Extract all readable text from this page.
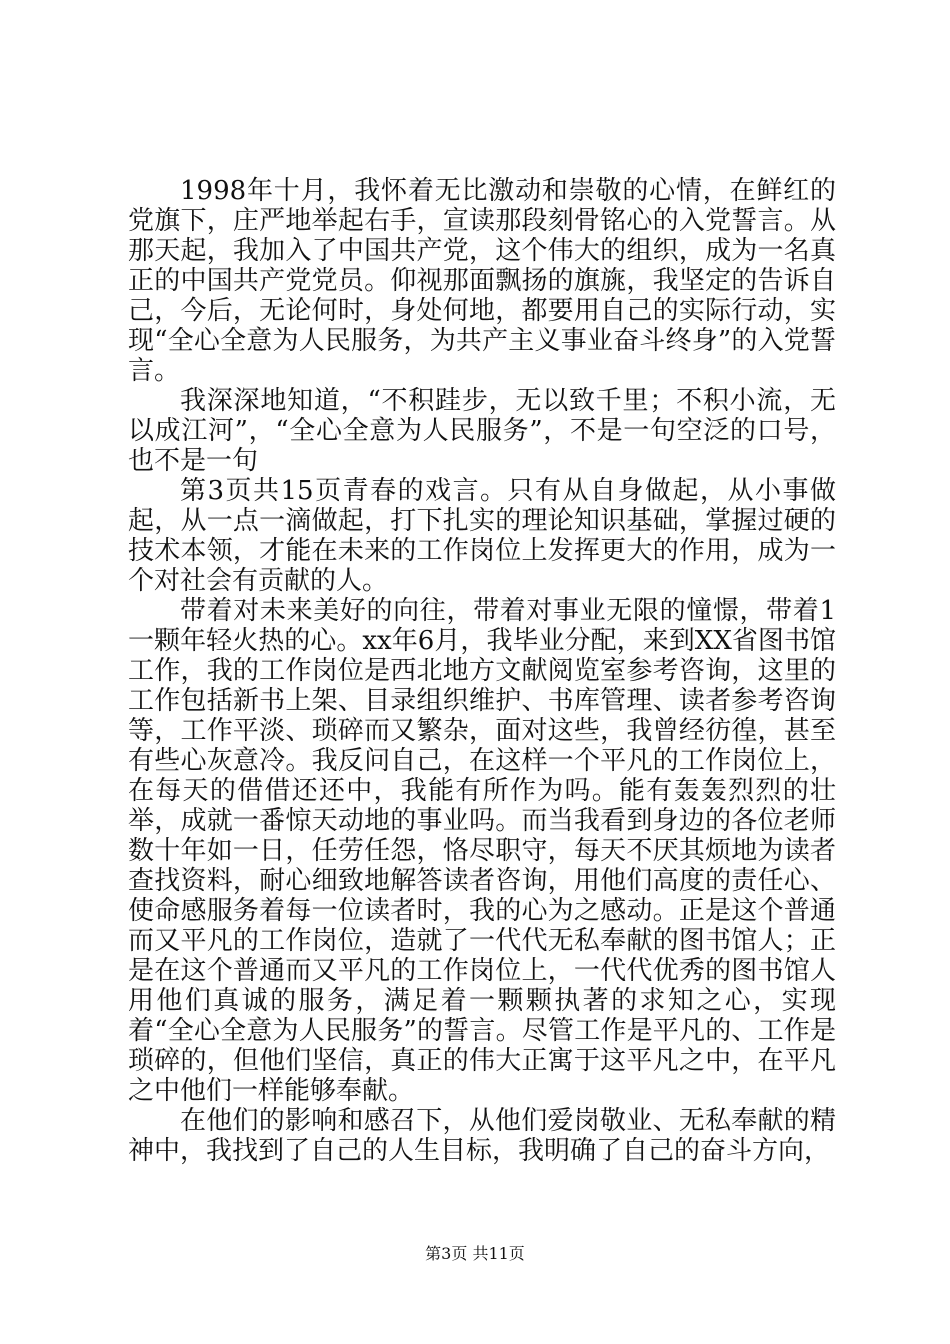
1998年十月，我怀着无比激动和崇敬的心情，在鲜红的党旗下，庄严地举起右手，宣读那段刻骨铭心的入党誓言。从那天起，我加入了中国共产党，这个伟大的组织，成为一名真正的中国共产党党员。仰视那面飘扬的旗旐，我坚定的告诉自己，今后，无论何时，身处何地，都要用自己的实际行动，实现“全心全意为人民服务，为共产主义事业奋斗终身”的入党誓言。

我深深地知道，“不积跬步，无以致千里；不积小流，无以成江河”，“全心全意为人民服务”，不是一句空泛的口号，也不是一句

第3页共15页青春的戏言。只有从自身做起，从小事做起，从一点一滴做起，打下扎实的理论知识基础，掌握过硬的技术本领，才能在未来的工作岗位上发挥更大的作用，成为一个对社会有贡献的人。

带着对未来美好的向往，带着对事业无限的憧憬，带着1一颗年轻火热的心。xx年6月，我毕业分配，来到XX省图书馆工作，我的工作岗位是西北地方文献阅览室参考咨询，这里的工作包括新书上架、目录组织维护、书库管理、读者参考咨询等，工作平淡、琐碎而又繁杂，面对这些，我曾经彷徨，甚至有些心灰意冷。我反问自己，在这样一个平凡的工作岗位上，在每天的借借还还中，我能有所作为吗。能有轰轰烈烈的壮举，成就一番惊天动地的事业吗。而当我看到身边的各位老师数十年如一日，任劳任怨，恪尽职守，每天不厌其烦地为读者查找资料，耐心细致地解答读者咨询，用他们高度的责任心、使命感服务着每一位读者时，我的心为之感动。正是这个普通而又平凡的工作岗位，造就了一代代无私奉献的图书馆人；正是在这个普通而又平凡的工作岗位上，一代代优秀的图书馆人用他们真诚的服务，满足着一颗颗执著的求知之心，实现着“全心全意为人民服务”的誓言。尽管工作是平凡的、工作是琐碎的，但他们坚信，真正的伟大正寓于这平凡之中，在平凡之中他们一样能够奉献。

在他们的影响和感召下，从他们爱岗敬业、无私奉献的精神中，我找到了自己的人生目标，我明确了自己的奋斗方向，

第3页 共11页
